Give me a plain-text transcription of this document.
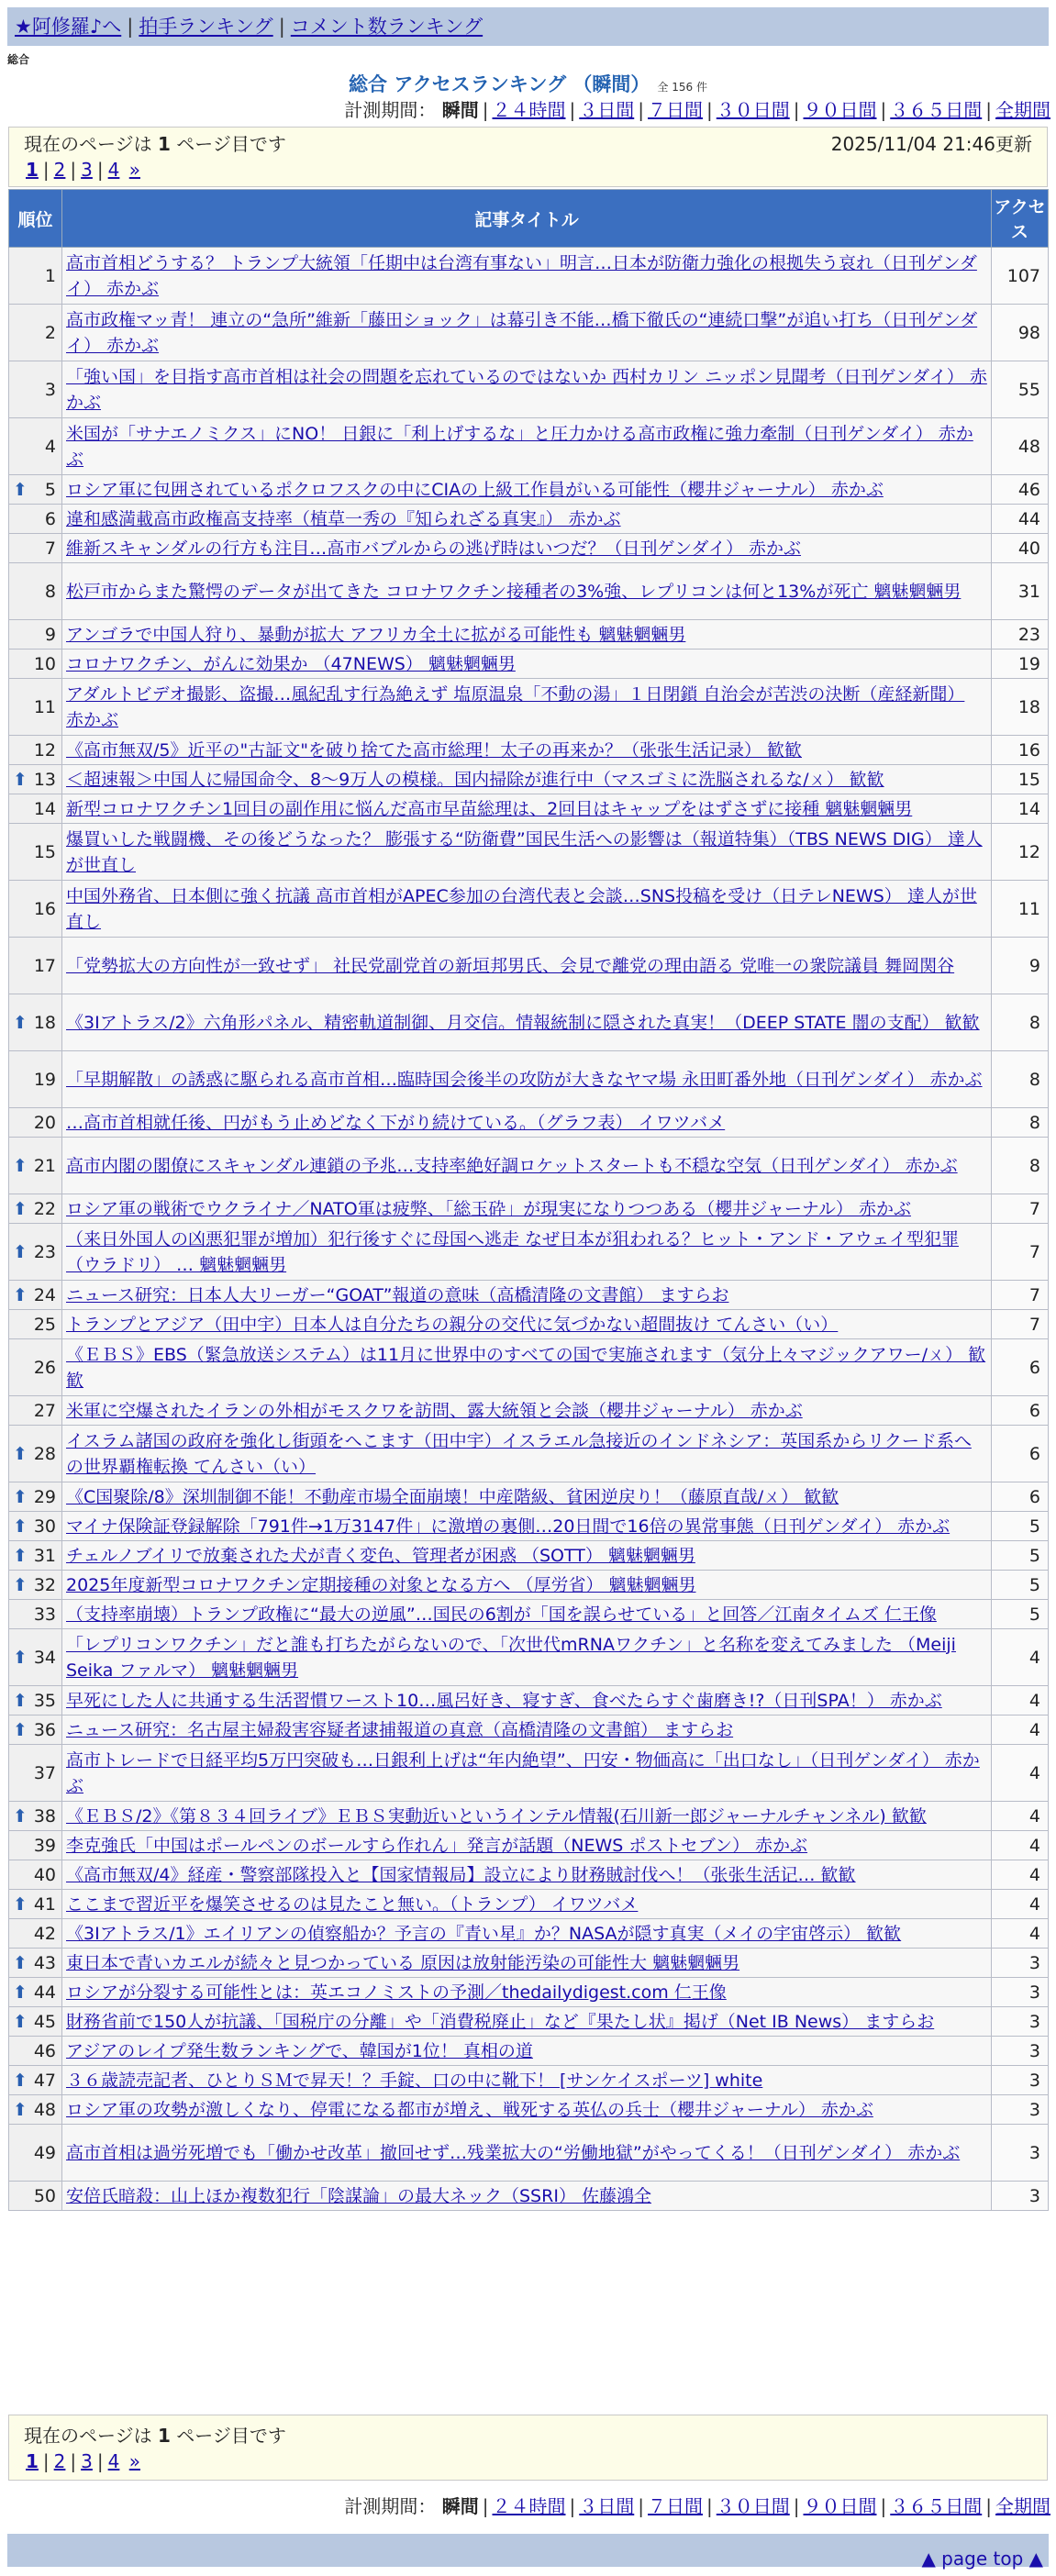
★阿修羅♪へ | 拍手ランキング | コメント数ランキング
総合
総合 アクセスランキング （瞬間） 全 156 件
計測期間： 瞬間 | ２４時間 | ３日間 | ７日間 | ３０日間 | ９０日間 | ３６５日間 | 全期間
現在のページは 1 ページ目です	2025/11/04 21:46更新
1 | 2 | 3 | 4
»
順位	記事タイトル	アクセス
1	高市首相どうする？ トランプ大統領「任期中は台湾有事ない」明言…日本が防衛力強化の根拠失う哀れ（日刊ゲンダイ） 赤かぶ	107
2	高市政権マッ青！ 連立の“急所”維新「藤田ショック」は幕引き不能…橋下徹氏の“連続口撃”が追い打ち（日刊ゲンダイ） 赤かぶ	98
3	「強い国」を目指す高市首相は社会の問題を忘れているのではないか 西村カリン ニッポン見聞考（日刊ゲンダイ） 赤かぶ	55
4	米国が「サナエノミクス」にNO！ 日銀に「利上げするな」と圧力かける高市政権に強力牽制（日刊ゲンダイ） 赤かぶ	48

⬆ 5	ロシア軍に包囲されているポクロフスクの中にCIAの上級工作員がいる可能性（櫻井ジャーナル） 赤かぶ	46
6	違和感満載高市政権高支持率（植草一秀の『知られざる真実』） 赤かぶ	44
7	維新スキャンダルの行方も注目…高市バブルからの逃げ時はいつだ？（日刊ゲンダイ） 赤かぶ	40
8	松戸市からまた驚愕のデータが出てきた コロナワクチン接種者の3%強、レプリコンは何と13%が死亡 魑魅魍魎男	31
9	アンゴラで中国人狩り、暴動が拡大 アフリカ全土に拡がる可能性も 魑魅魍魎男	23
10	コロナワクチン、がんに効果か （47NEWS） 魑魅魍魎男	19
11	アダルトビデオ撮影、盗撮…風紀乱す行為絶えず 塩原温泉「不動の湯」１日閉鎖 自治会が苦渋の決断（産経新聞） 赤かぶ	18
12	《高市無双/5》近平の"古証文"を破り捨てた高市総理！太子の再来か？（张张生活记录） 歓歓	16

⬆ 13	＜超速報＞中国人に帰国命令、8〜9万人の模様。国内掃除が進行中（マスゴミに洗脳されるな/ㄨ） 歓歓	15
14	新型コロナワクチン1回目の副作用に悩んだ高市早苗総理は、2回目はキャップをはずさずに接種 魑魅魍魎男	14
15	爆買いした戦闘機、その後どうなった？ 膨張する“防衛費”国民生活への影響は（報道特集）（TBS NEWS DIG） 達人が世直し	12
16	中国外務省、日本側に強く抗議 高市首相がAPEC参加の台湾代表と会談…SNS投稿を受け（日テレNEWS） 達人が世直し	11
17	「党勢拡大の方向性が一致せず」 社民党副党首の新垣邦男氏、会見で離党の理由語る 党唯一の衆院議員 舞岡関谷	9

⬆ 18	《3Iアトラス/2》六角形パネル、精密軌道制御、月交信。情報統制に隠された真実！（DEEP STATE 闇の支配） 歓歓	8
19	「早期解散」の誘惑に駆られる高市首相…臨時国会後半の攻防が大きなヤマ場 永田町番外地（日刊ゲンダイ） 赤かぶ	8
20	…高市首相就任後、円がもう止めどなく下がり続けている。（グラフ表） イワツバメ	8

⬆ 21	高市内閣の閣僚にスキャンダル連鎖の予兆…支持率絶好調ロケットスタートも不穏な空気（日刊ゲンダイ） 赤かぶ	8

⬆ 22	ロシア軍の戦術でウクライナ／NATO軍は疲弊、「総玉砕」が現実になりつつある（櫻井ジャーナル） 赤かぶ	7

⬆ 23	（来日外国人の凶悪犯罪が増加）犯行後すぐに母国へ逃走 なぜ日本が狙われる？ヒット・アンド・アウェイ型犯罪（ウラドリ） … 魑魅魍魎男	7

⬆ 24	ニュース研究：日本人大リーガー“GOAT”報道の意味（高橋清隆の文書館） ますらお	7
25	トランプとアジア（田中宇）日本人は自分たちの親分の交代に気づかない超間抜け てんさい（い）	7
26	《ＥＢＳ》EBS（緊急放送システム）は11月に世界中のすべての国で実施されます（気分上々マジックアワー/ㄨ） 歓歓	6
27	米軍に空爆されたイランの外相がモスクワを訪問、露大統領と会談（櫻井ジャーナル） 赤かぶ	6

⬆ 28	イスラム諸国の政府を強化し街頭をへこます（田中宇）イスラエル急接近のインドネシア：英国系からリクード系への世界覇権転換 てんさい（い）	6

⬆ 29	《C国聚除/8》深圳制御不能！不動産市場全面崩壊！中産階級、貧困逆戻り！（藤原直哉/ㄨ） 歓歓	6

⬆ 30	マイナ保険証登録解除「791件→1万3147件」に激増の裏側…20日間で16倍の異常事態（日刊ゲンダイ） 赤かぶ	5

⬆ 31	チェルノブイリで放棄された犬が青く変色、管理者が困惑 （SOTT） 魑魅魍魎男	5

⬆ 32	2025年度新型コロナワクチン定期接種の対象となる方へ （厚労省） 魑魅魍魎男	5
33	（支持率崩壊）トランプ政権に“最大の逆風”…国民の6割が「国を誤らせている」と回答／江南タイムズ 仁王像	5

⬆ 34	「レプリコンワクチン」だと誰も打ちたがらないので、「次世代mRNAワクチン」と名称を変えてみました （Meiji Seika ファルマ） 魑魅魍魎男	4

⬆ 35	早死にした人に共通する生活習慣ワースト10…風呂好き、寝すぎ、食べたらすぐ歯磨き!?（日刊SPA！） 赤かぶ	4

⬆ 36	ニュース研究：名古屋主婦殺害容疑者逮捕報道の真意（高橋清隆の文書館） ますらお	4
37	高市トレードで日経平均5万円突破も…日銀利上げは“年内絶望”、円安・物価高に「出口なし」（日刊ゲンダイ） 赤かぶ	4

⬆ 38	《ＥＢＳ/2》《第８３４回ライブ》ＥＢＳ実動近いというインテル情報(石川新一郎ジャーナルチャンネル) 歓歓	4
39	李克強氏「中国はポールペンのボールすら作れん」発言が話題（NEWS ポストセブン） 赤かぶ	4
40	《高市無双/4》経産・警察部隊投入と【国家情報局】設立により財務賊討伐へ！（张张生活记… 歓歓	4

⬆ 41	ここまで習近平を爆笑させるのは見たこと無い。（トランプ） イワツバメ	4
42	《3Iアトラス/1》エイリアンの偵察船か？予言の『青い星』か？NASAが隠す真実（メイの宇宙啓示） 歓歓	4

⬆ 43	東日本で青いカエルが続々と見つかっている 原因は放射能汚染の可能性大 魑魅魍魎男	3

⬆ 44	ロシアが分裂する可能性とは：英エコノミストの予測／thedailydigest.com 仁王像	3

⬆ 45	財務省前で150人が抗議、「国税庁の分離」や「消費税廃止」など『果たし状』掲げ（Net IB News） ますらお	3
46	アジアのレイプ発生数ランキングで、韓国が1位！ 真相の道	3

⬆ 47	３６歳読売記者、ひとりＳＭで昇天！？手錠、口の中に靴下！ [サンケイスポーツ] white	3

⬆ 48	ロシア軍の攻勢が激しくなり、停電になる都市が増え、戦死する英仏の兵士（櫻井ジャーナル） 赤かぶ	3
49	高市首相は過労死増でも「働かせ改革」撤回せず…残業拡大の“労働地獄”がやってくる！（日刊ゲンダイ） 赤かぶ	3
50	安倍氏暗殺：山上ほか複数犯行「陰謀論」の最大ネック（SSRI） 佐藤鴻全	3
計測期間： 瞬間 | ２４時間 | ３日間 | ７日間 | ３０日間 | ９０日間 | ３６５日間 | 全期間
現在のページは 1 ページ目です
1 | 2 | 3 | 4
»
▲ page top ▲
